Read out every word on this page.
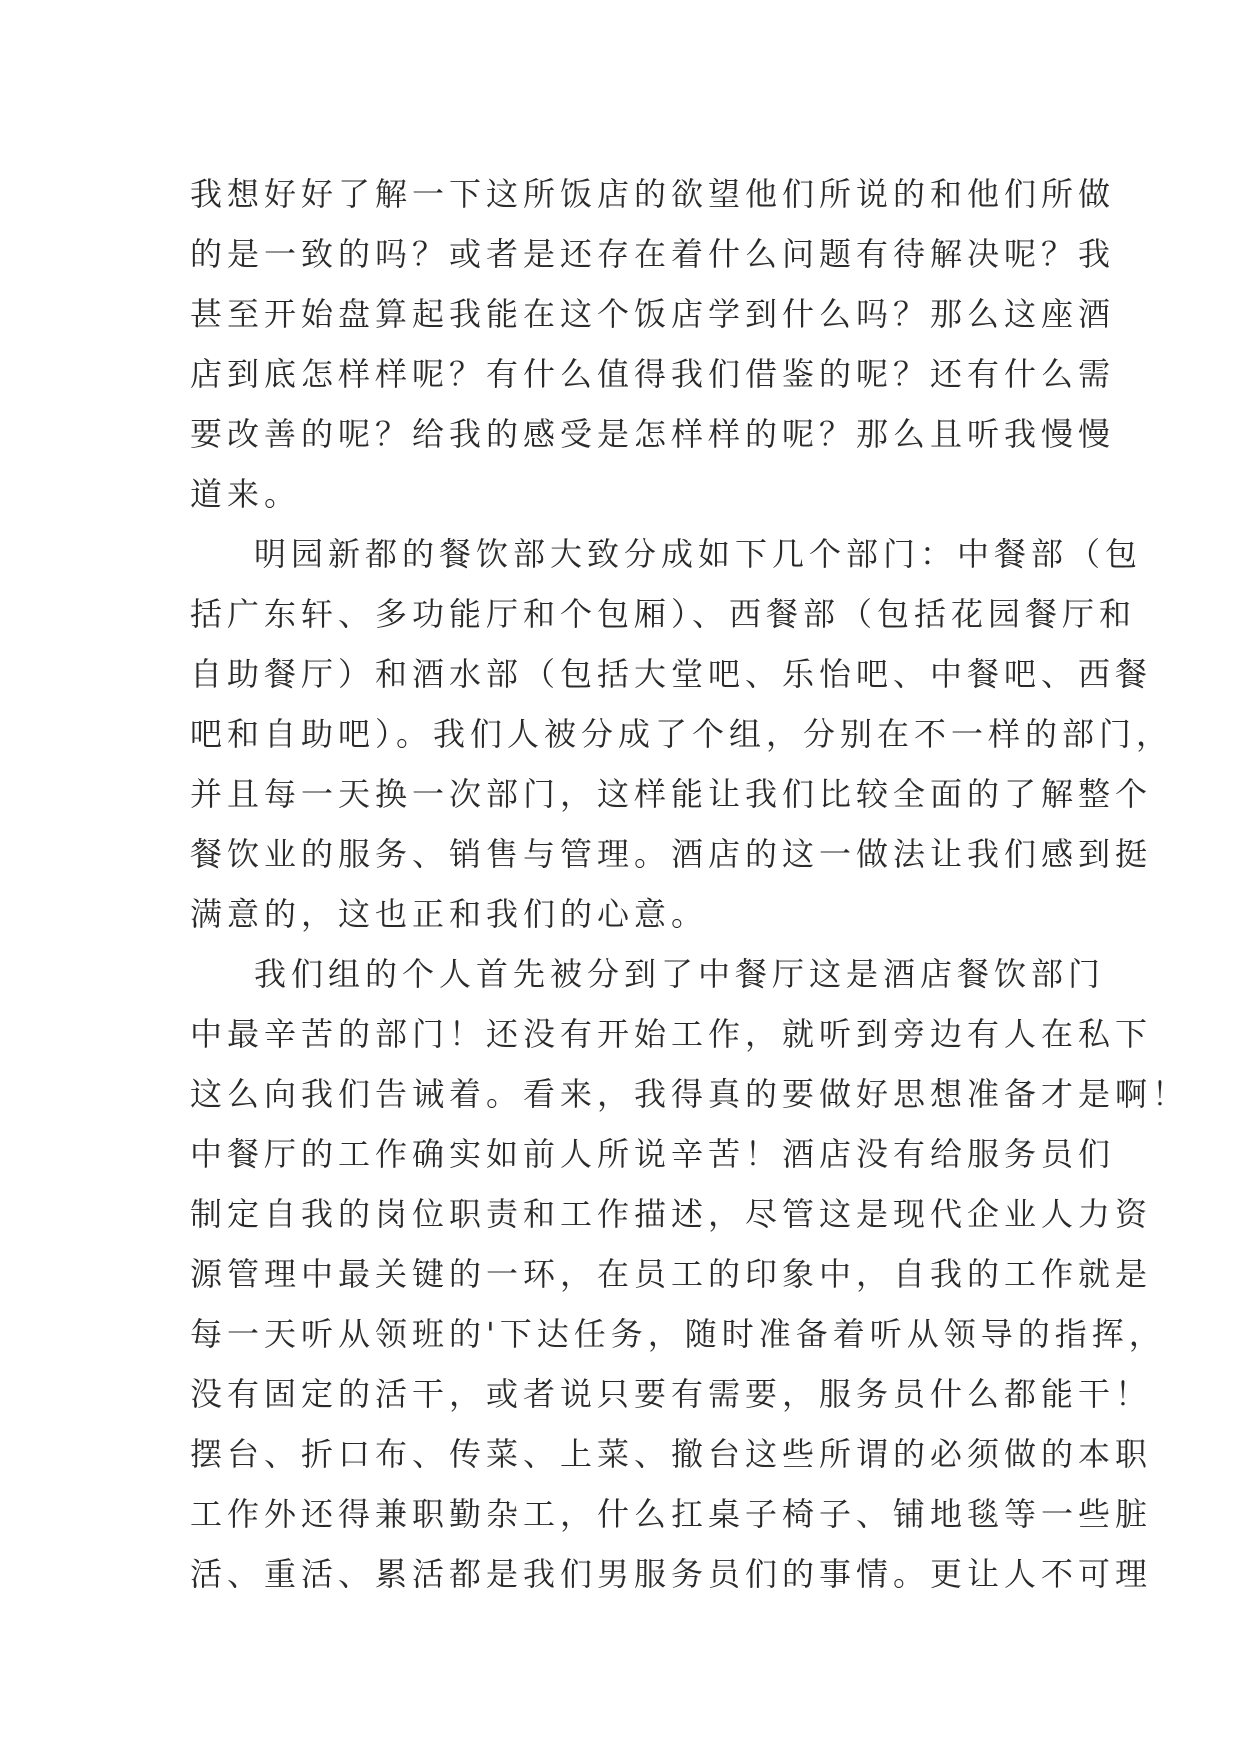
我想好好了解一下这所饭店的欲望他们所说的和他们所做
的是一致的吗？或者是还存在着什么问题有待解决呢？我
甚至开始盘算起我能在这个饭店学到什么吗？那么这座酒
店到底怎样样呢？有什么值得我们借鉴的呢？还有什么需
要改善的呢？给我的感受是怎样样的呢？那么且听我慢慢
道来。
明园新都的餐饮部大致分成如下几个部门：中餐部（包
括广东轩、多功能厅和个包厢）、西餐部（包括花园餐厅和
自助餐厅）和酒水部（包括大堂吧、乐怡吧、中餐吧、西餐
吧和自助吧）。我们人被分成了个组，分别在不一样的部门，
并且每一天换一次部门，这样能让我们比较全面的了解整个
餐饮业的服务、销售与管理。酒店的这一做法让我们感到挺
满意的，这也正和我们的心意。
我们组的个人首先被分到了中餐厅这是酒店餐饮部门
中最辛苦的部门！还没有开始工作，就听到旁边有人在私下
这么向我们告诫着。看来，我得真的要做好思想准备才是啊！
中餐厅的工作确实如前人所说辛苦！酒店没有给服务员们
制定自我的岗位职责和工作描述，尽管这是现代企业人力资
源管理中最关键的一环，在员工的印象中，自我的工作就是
每一天听从领班的'下达任务，随时准备着听从领导的指挥，
没有固定的活干，或者说只要有需要，服务员什么都能干！
摆台、折口布、传菜、上菜、撤台这些所谓的必须做的本职
工作外还得兼职勤杂工，什么扛桌子椅子、铺地毯等一些脏
活、重活、累活都是我们男服务员们的事情。更让人不可理
